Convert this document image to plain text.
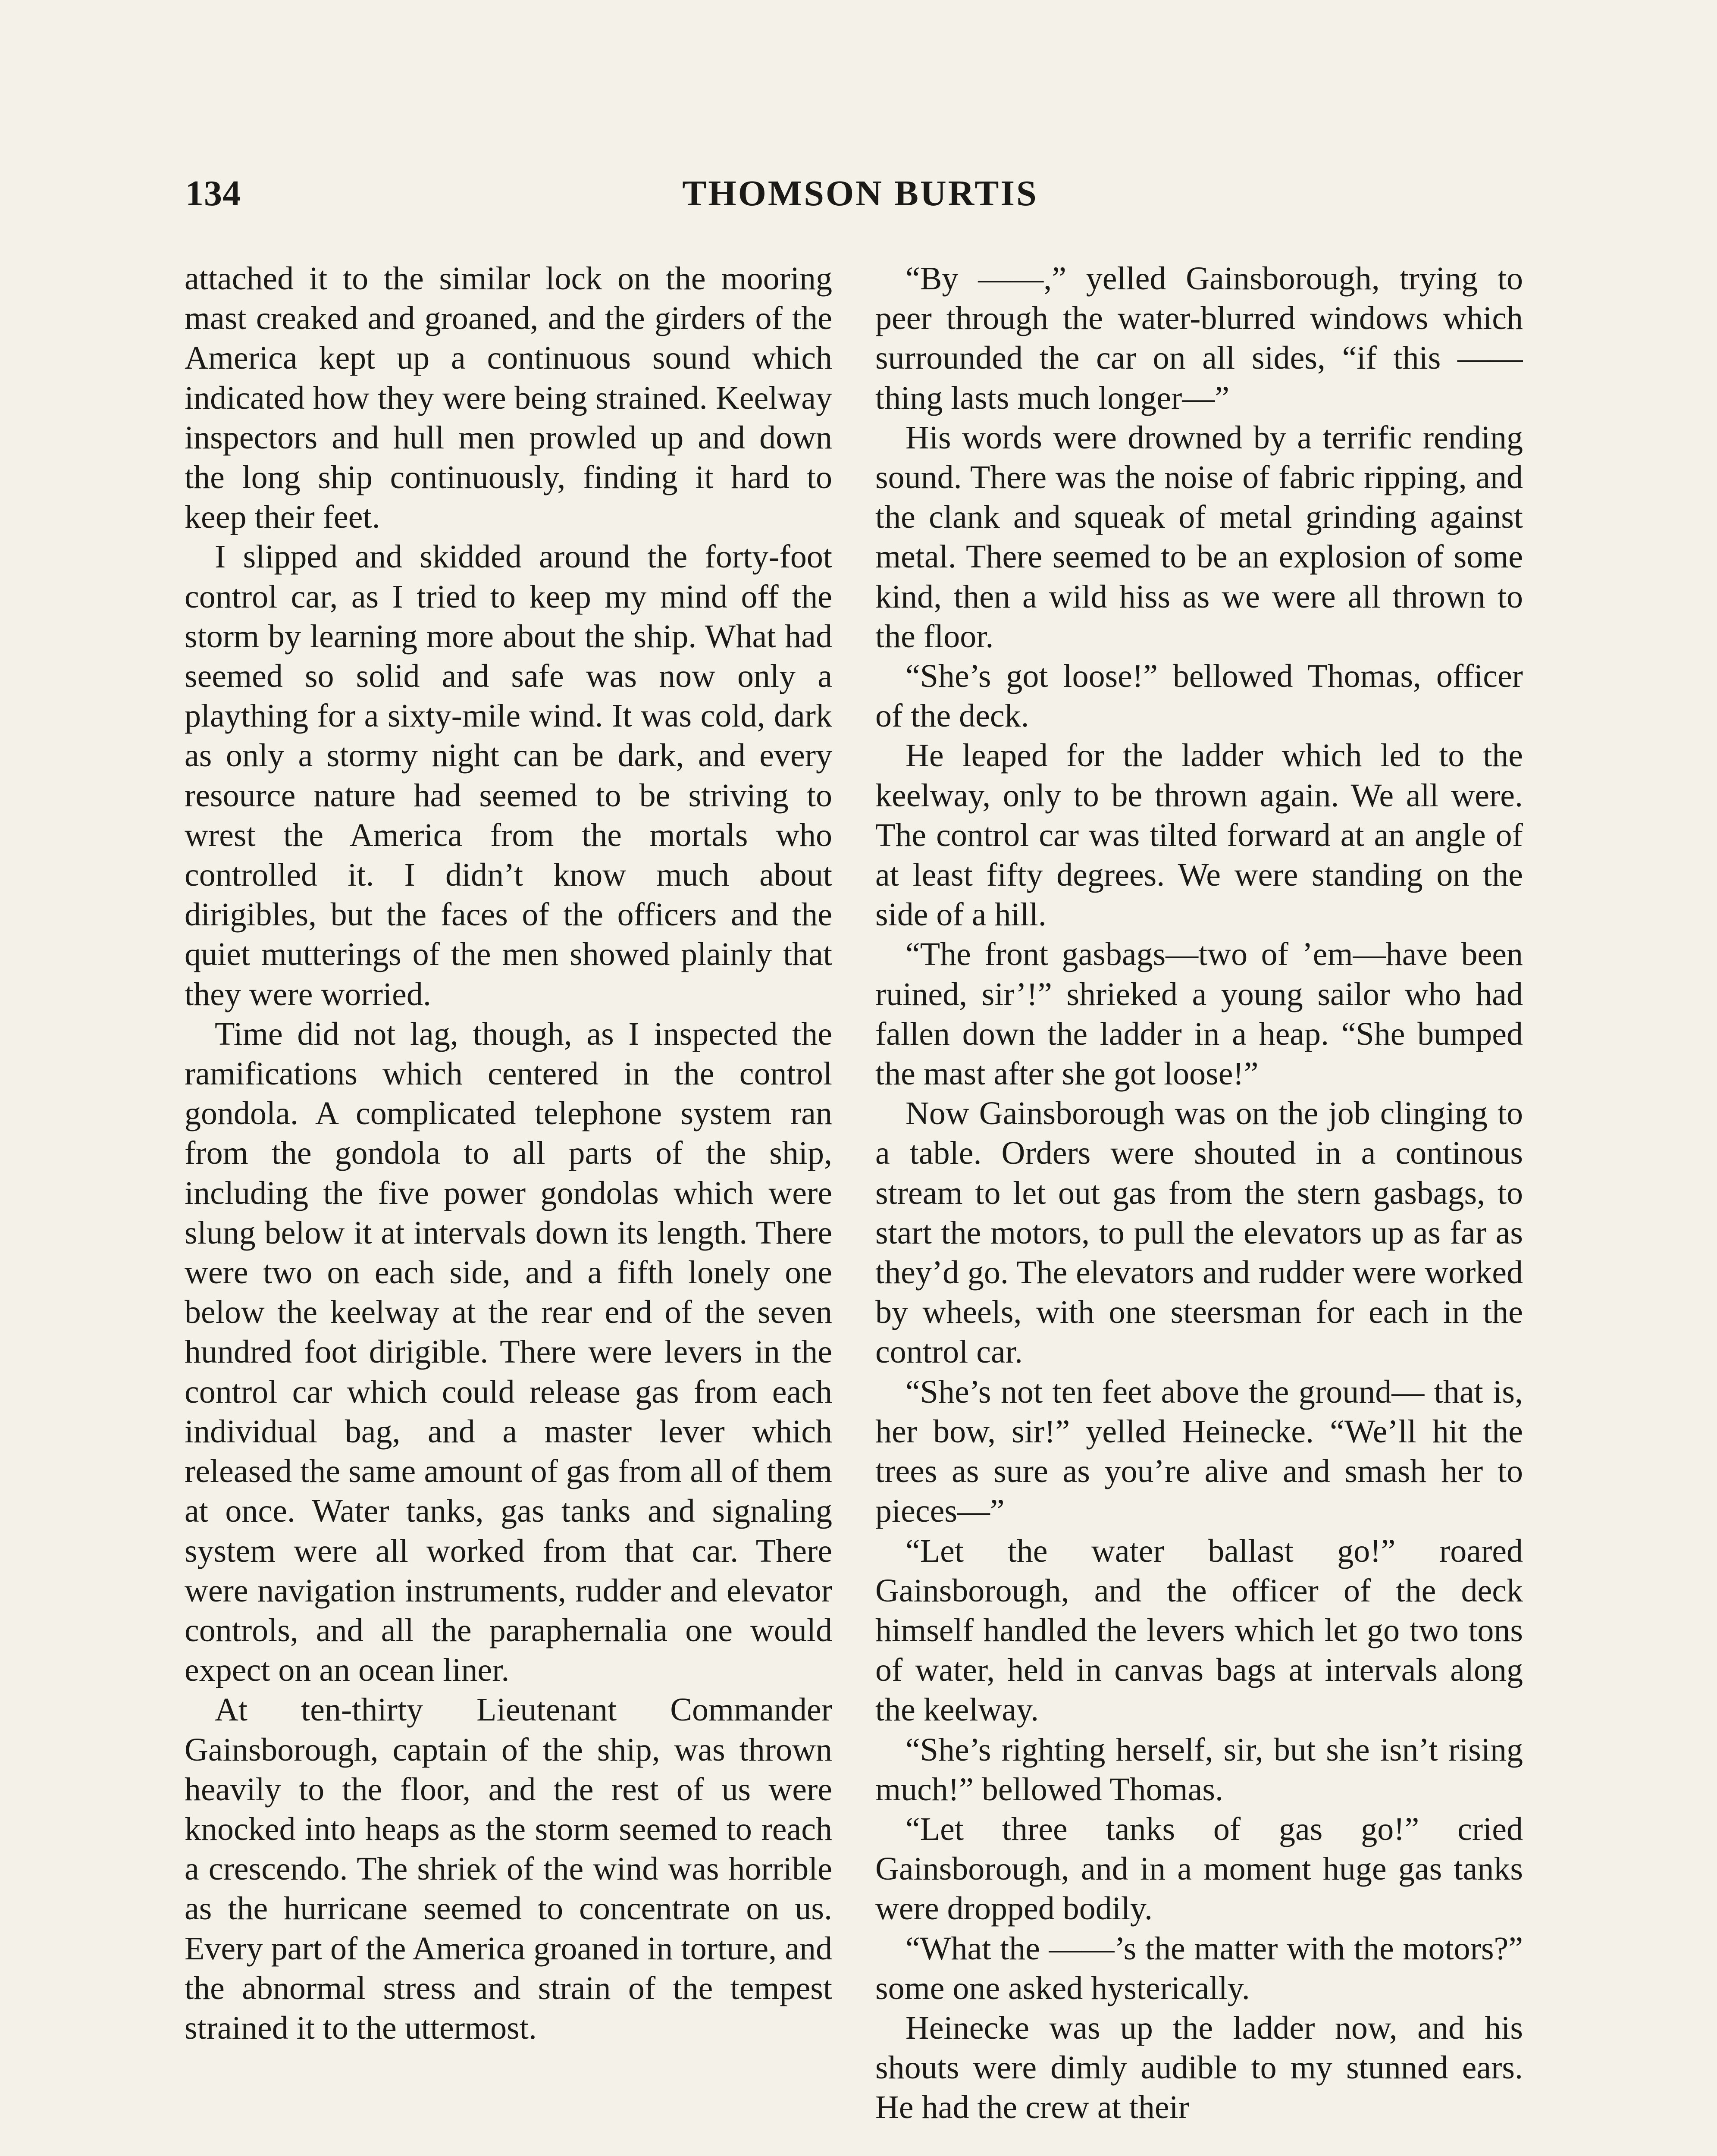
134	THOMSON BURTIS

attached it to the similar lock on the mooring mast creaked and groaned, and the girders of the America kept up a continuous sound which indicated how they were being strained. Keelway inspectors and hull men prowled up and down the long ship continuously, finding it hard to keep their feet.

I slipped and skidded around the forty-foot control car, as I tried to keep my mind off the storm by learning more about the ship. What had seemed so solid and safe was now only a plaything for a sixty-mile wind. It was cold, dark as only a stormy night can be dark, and every resource nature had seemed to be striving to wrest the America from the mortals who controlled it. I didn’t know much about dirigibles, but the faces of the officers and the quiet mutterings of the men showed plainly that they were worried.

Time did not lag, though, as I inspected the ramifications which centered in the control gondola. A complicated telephone system ran from the gondola to all parts of the ship, including the five power gondolas which were slung below it at intervals down its length. There were two on each side, and a fifth lonely one below the keelway at the rear end of the seven hundred foot dirigible. There were levers in the control car which could release gas from each individual bag, and a master lever which released the same amount of gas from all of them at once. Water tanks, gas tanks and signaling system were all worked from that car. There were navigation instruments, rudder and elevator controls, and all the paraphernalia one would expect on an ocean liner.

At ten-thirty Lieutenant Commander Gainsborough, captain of the ship, was thrown heavily to the floor, and the rest of us were knocked into heaps as the storm seemed to reach a crescendo. The shriek of the wind was horrible as the hurricane seemed to concentrate on us. Every part of the America groaned in torture, and the abnormal stress and strain of the tempest strained it to the uttermost.

“By ——,” yelled Gainsborough, trying to peer through the water-blurred windows which surrounded the car on all sides, “if this —— thing lasts much longer—”

His words were drowned by a terrific rending sound. There was the noise of fabric ripping, and the clank and squeak of metal grinding against metal. There seemed to be an explosion of some kind, then a wild hiss as we were all thrown to the floor.

“She’s got loose!” bellowed Thomas, officer of the deck.

He leaped for the ladder which led to the keelway, only to be thrown again. We all were. The control car was tilted forward at an angle of at least fifty degrees. We were standing on the side of a hill.

“The front gasbags—two of ’em—have been ruined, sir’!” shrieked a young sailor who had fallen down the ladder in a heap. “She bumped the mast after she got loose!”

Now Gainsborough was on the job clinging to a table. Orders were shouted in a continous stream to let out gas from the stern gasbags, to start the motors, to pull the elevators up as far as they’d go. The elevators and rudder were worked by wheels, with one steersman for each in the control car.

“She’s not ten feet above the ground— that is, her bow, sir!” yelled Heinecke. “We’ll hit the trees as sure as you’re alive and smash her to pieces—”

“Let the water ballast go!” roared Gainsborough, and the officer of the deck himself handled the levers which let go two tons of water, held in canvas bags at intervals along the keelway.

“She’s righting herself, sir, but she isn’t rising much!” bellowed Thomas.

“Let three tanks of gas go!” cried Gainsborough, and in a moment huge gas tanks were dropped bodily.

“What the ——’s the matter with the motors?” some one asked hysterically.

Heinecke was up the ladder now, and his shouts were dimly audible to my stunned ears. He had the crew at their
